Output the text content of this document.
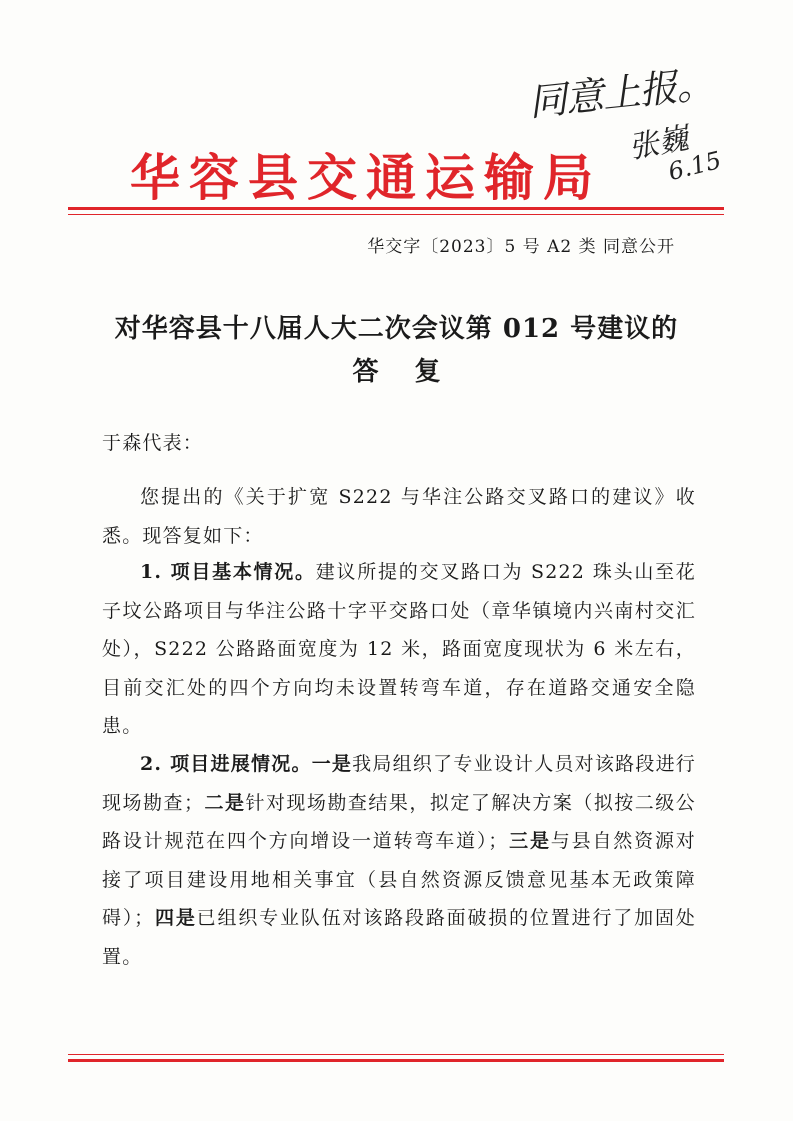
同意上报。
张巍
6.15
华容县交通运输局
华交字〔2023〕5 号 A2 类 同意公开
对华容县十八届人大二次会议第 012 号建议的
答复
于森代表：

您提出的《关于扩宽 S222 与华注公路交叉路口的建议》收悉。现答复如下：

1. 项目基本情况。建议所提的交叉路口为 S222 珠头山至花子坟公路项目与华注公路十字平交路口处（章华镇境内兴南村交汇处），S222 公路路面宽度为 12 米，路面宽度现状为 6 米左右，目前交汇处的四个方向均未设置转弯车道，存在道路交通安全隐患。

2. 项目进展情况。一是我局组织了专业设计人员对该路段进行现场勘查；二是针对现场勘查结果，拟定了解决方案（拟按二级公路设计规范在四个方向增设一道转弯车道）；三是与县自然资源对接了项目建设用地相关事宜（县自然资源反馈意见基本无政策障碍）；四是已组织专业队伍对该路段路面破损的位置进行了加固处置。
